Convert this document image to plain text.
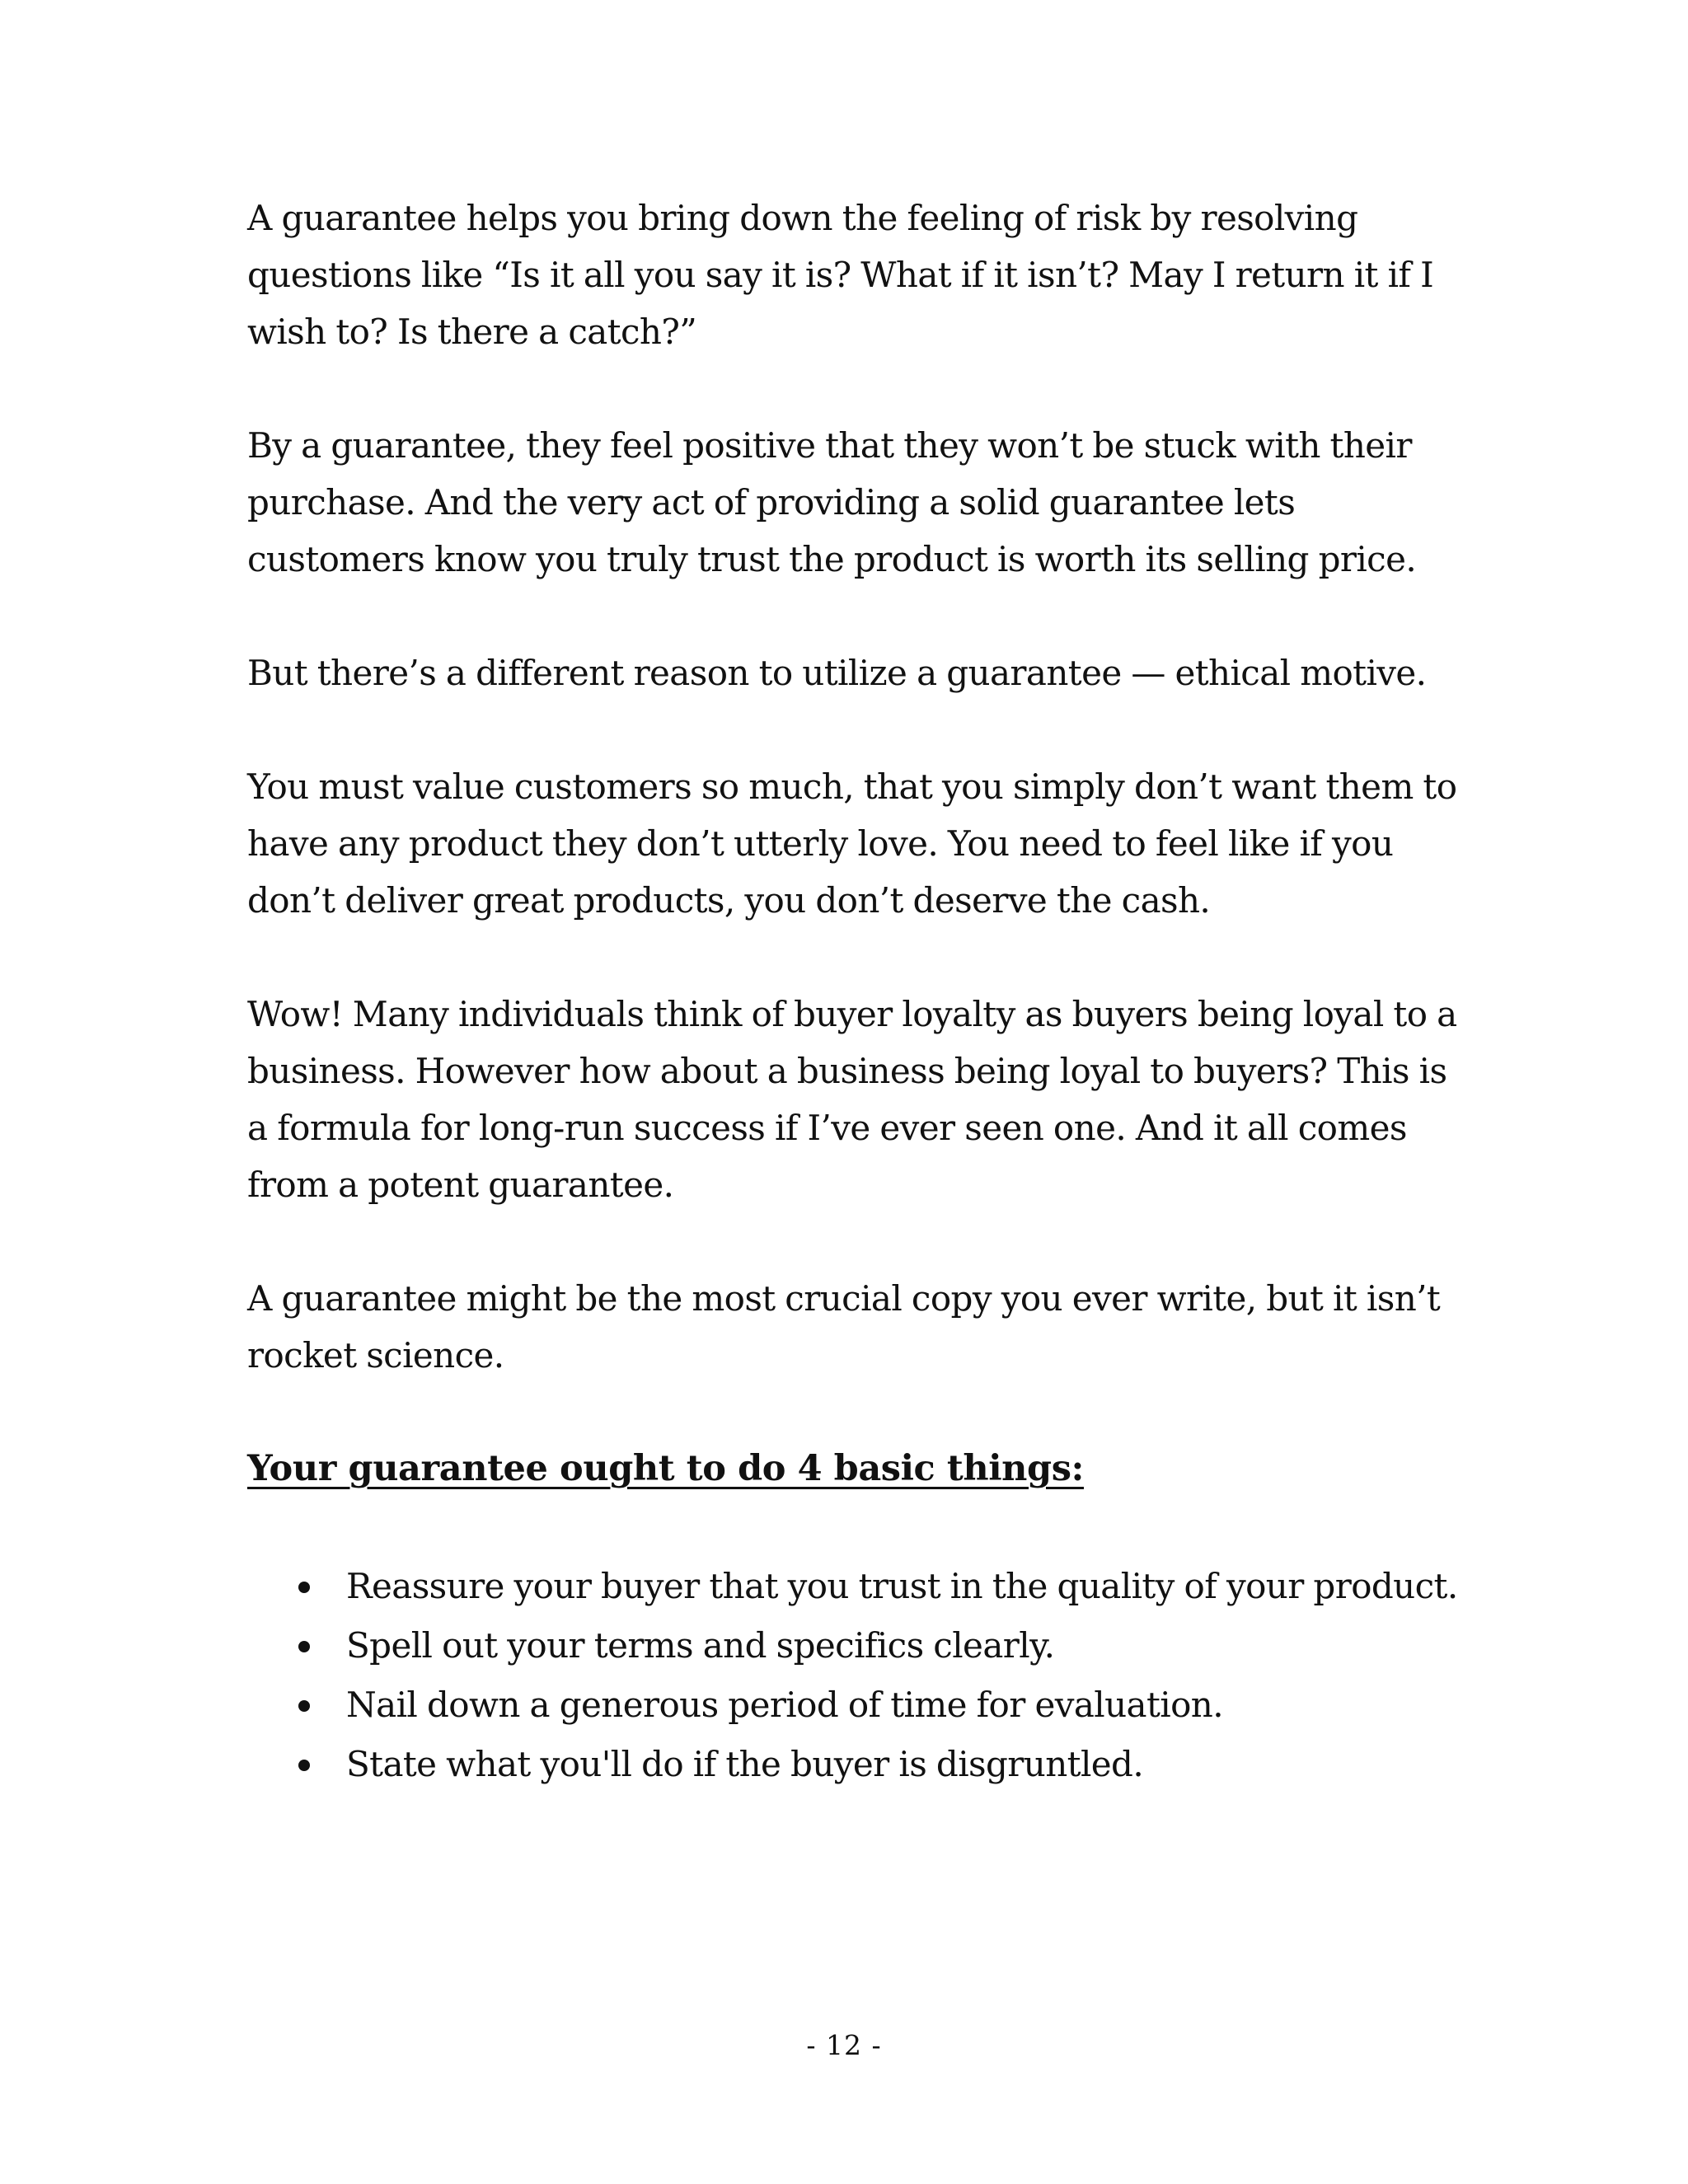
A guarantee helps you bring down the feeling of risk by resolving questions like “Is it all you say it is? What if it isn’t? May I return it if I wish to? Is there a catch?”

By a guarantee, they feel positive that they won’t be stuck with their purchase. And the very act of providing a solid guarantee lets customers know you truly trust the product is worth its selling price.

But there’s a different reason to utilize a guarantee — ethical motive.

You must value customers so much, that you simply don’t want them to have any product they don’t utterly love. You need to feel like if you don’t deliver great products, you don’t deserve the cash.

Wow! Many individuals think of buyer loyalty as buyers being loyal to a business. However how about a business being loyal to buyers? This is a formula for long-run success if I’ve ever seen one. And it all comes from a potent guarantee.

A guarantee might be the most crucial copy you ever write, but it isn’t rocket science.

Your guarantee ought to do 4 basic things:
Reassure your buyer that you trust in the quality of your product.
Spell out your terms and specifics clearly.
Nail down a generous period of time for evaluation.
State what you'll do if the buyer is disgruntled.
- 12 -
